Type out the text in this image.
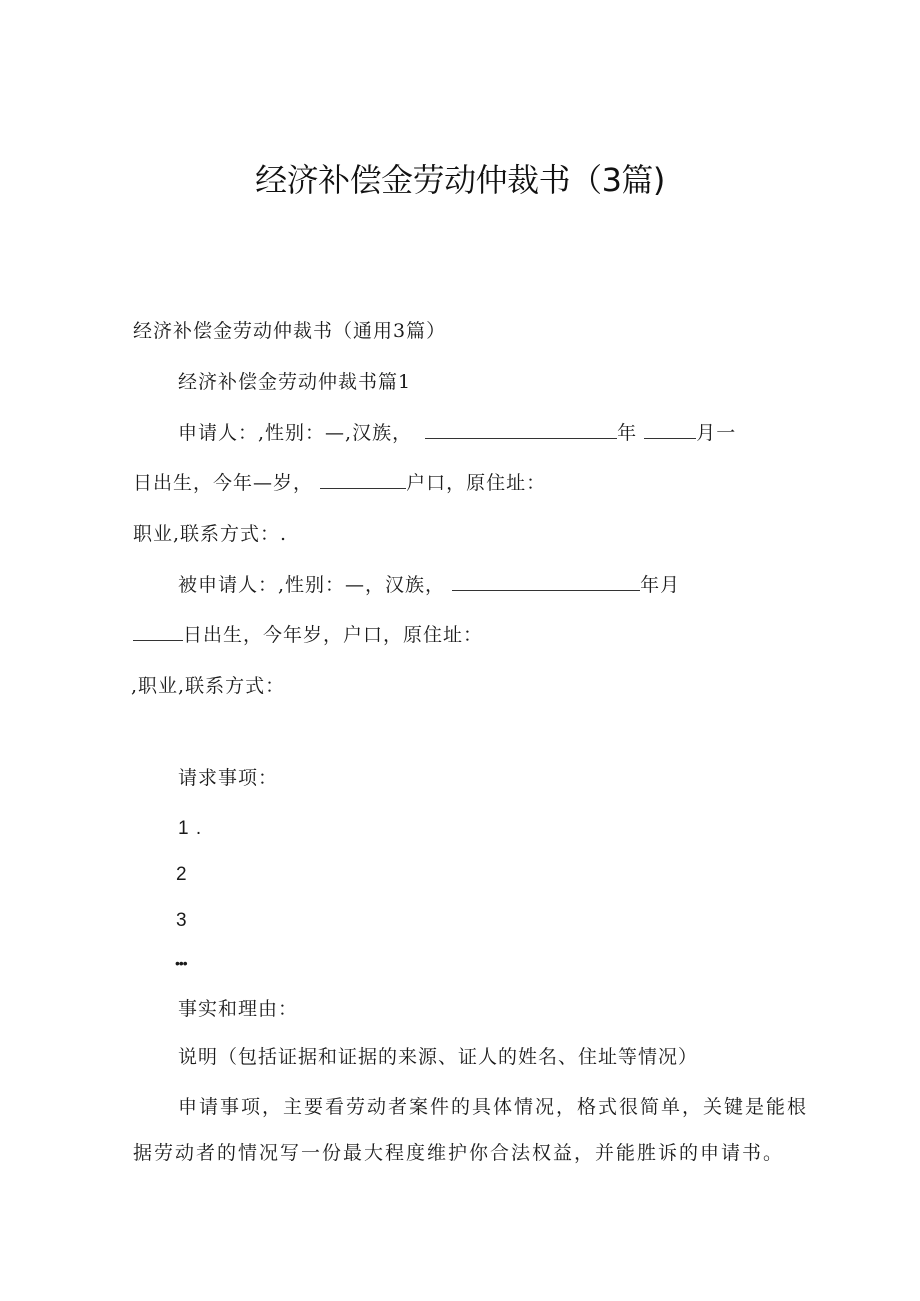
经济补偿金劳动仲裁书（3篇)
经济补偿金劳动仲裁书（通用3篇）
经济补偿金劳动仲裁书篇1
申请人：,性别：—,汉族，	年	月一
日出生，今年—岁，	户口，原住址：
职业,联系方式：.
被申请人：,性别：—，汉族，	年月
日出生，今年岁，户口，原住址：
,职业,联系方式：
请求事项：
1 .
2
3
•••
事实和理由：
说明（包括证据和证据的来源、证人的姓名、住址等情况）
申请事项，主要看劳动者案件的具体情况，格式很简单，关键是能根
据劳动者的情况写一份最大程度维护你合法权益，并能胜诉的申请书。
